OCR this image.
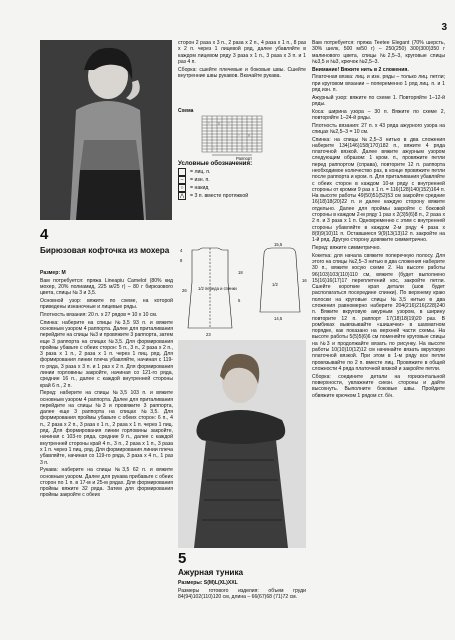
3
4
Бирюзовая кофточка из мохера

Размер: M

Вам потребуется: пряжа Lineapiu Camelot (80% кид мохер, 20% полиамид, 225 м/25 г) – 80 г бирюзового цвета, спицы № 3 и 3,5.

Основной узор: вяжите по схеме, на которой приведены изнаночные и лицевые ряды.

Плотность вязания: 20 п. х 27 рядов = 10 х 10 см.

Спинка: наберите на спицы №3,5 93 п. и вяжите основным узором 4 раппорта. Далее для приталивания перейдите на спицы №3 и провяжите 3 раппорта, затем еще 3 раппорта на спицах №3,5. Для формирования проймы убавьте с обеих сторон: 5 п., 3 п., 2 раза х 2 п., 3 раза х 1 п., 2 раза х 1 п. через 1 пиц. ряд. Для формирования линии плеча убавляйте, начиная с 119-го ряда, 3 раза х 3 п. и 1 раз х 2 п. Для формирования линии горловины закройте, начиная со 121-го ряда, средние 16 п., далее с каждой внутренней стороны край 6 п., 2 п.

Перед: наберите на спицы №3,5 103 п. и вяжите основным узором 4 раппорта. Далее для приталивания перейдите на спицы №3 и провяжите 3 раппорта, далее еще 3 раппорта на спицах №3,5. Для формирования проймы убавьте с обеих сторон: 6 п., 4 п., 2 раза х 2 п., 3 раза х 1 п., 2 раза х 1 п. через 1 пиц. ряд. Для формирования линии горловины закройте, начиная с 103-го ряда, средние 9 п., далее с каждой внутренней стороны край 4 п., 3 п., 2 раза х 1 п., 3 раза х 1 п. через 1 пиц. ряд. Для формирования линии плеча убавляйте, начиная со 119-го ряда, 3 раза х 4 п., 1 раз 3 п.

Рукава: наберите на спицы №3,5 62 п. и вяжите основным узором. Далее для рукава прибавьте с обеих сторон по 1 п. в 17-м и 25-м рядах. Для формирования проймы вяжите 32 ряда. Затем для формирования проймы закройте с обеих

сторон 2 раза х 3 п., 2 раза х 2 п., 4 раза х 1 п., 8 раз х 2 п. через 1 лицевой ряд, далее убавляйте в каждом лицевом ряду 3 раза х 1 п., 3 раза х 3 п. и 1 раз 4 п.

Сборка: сшейте плечевые и боковые швы. Сшейте внутренние швы рукавов. Вкачайте рукава.

Схема
○	⋀	○
○	⋀
–	–
Раппорт
Условные обозначения:
= лиц. п.
–	= изн. п.
○	= накид
⋀	= 3 п. вместе протяжкой
4
8
26
18
15,5
16
14,5
23
5
1/2 переда и спинки
1/2
5
Ажурная туника

Размеры: S(M)L(XL)XXL

Размеры готового изделия: объем груди 84(94)102(110)120 см, длина – 66(67)68 (71)72 см.

Вам потребуется: пряжа Teetee Elegant (70% шерсть, 30% шелк, 500 м/50 г) – 250(250) 300(300)350 г малинового цвета, спицы №2,5–3, круговые спицы №3,5 и №3, крючок №2,5–3.

Внимание! Вяжите нить в 2 сложения.

Платочная вязка: лиц. и изн. ряды – только лиц. петли; при круговом вязании – попеременно 1 ряд лиц. п. и 1 ряд изн. п.

Ажурный узор: вяжите по схеме 1. Повторяйте 1–12-й ряды.

Коса: ширина узора – 30 п. Вяжите по схеме 2, повторяйте 1–24-й ряды.

Плотность вязания: 27 п. х 43 ряда ажурного узора на спицах №2,5–3 = 10 см.

Спинка: на спицы №2,5–3 нитью в два сложения наберите 134(146)158(170)182 п., вяжите 4 ряда платочной вязкой. Далее вяжите ажурным узором следующим образом: 1 кром. п., провяжите петли перед раппортом (справа), повторите 12 п. раппорта необходимое количество раз, в конце провяжите петли после раппорта и кром. п. Для приталивания убавляйте с обеих сторон в каждом 10-м ряду с внутренней стороны от кромки 9 раз х 1 п. = 116(128)140(152)164 п. На высоте работы 49(50)51(52)53 см закройте средние 16(18)18(20)22 п. и далее каждую сторону вяжите отдельно. Далее для проймы закройте с боковой стороны в каждом 2-м ряду 1 раз х 2(3)5(6)8 п., 2 раза х 2 п. и 3 раза х 1 п. Одновременно с этим с внутренней стороны убавляйте в каждом 2-м ряду 4 раза х 8(9)9(10)11 п. Оставшиеся 9(9)13(13)12 п. закройте на 1-й ряд. Другую сторону довяжите симметрично.

Перед: вяжите симметрично.

Кокетка: для начала свяжите поперечную полосу. Для этого на спицы №2,5–3 нитью в два сложения наберите 30 п., вяжите косую схеме 2. На высоте работы 96(103)103(110)110 см, вяжите (будет выполнено 15(16)16(17)17 переплетений кос, закройте петли. Сшейте короткие края детали (шов будет располагаться посередине спинки). По верхнему краю полоски на круговые спицы №3,5 нитью в два сложения равномерно наберите 204(216)216(228)240 п. Вяжите вкруговую ажурным узором, в ширину повторите 12 п. раппорт 17(18)18(19)20 раз. В ромбиках вывязывайте «шишечки» в шахматном порядке, как показано на верхней части схемы. На высоте работы 5(5)5(6)6 см поменяйте круговые спицы на №3 и продолжайте вязать по рисунку. На высоте работы 10(10)10(12)12 см начинайте вязать вкруговую платочной вязкой. При этом в 1-м ряду все петли провязывайте по 2 п. вместе лиц. Провяжите в общей сложности 4 ряда платочной вязкой и закройте петли.

Сборка: соедините детали на горизонтальной поверхности, увлажните сиезн. стороны и дайте высохнуть. Выполните боковые швы. Пройдите обвяжите крючком 1 рядом ст. б/н.
